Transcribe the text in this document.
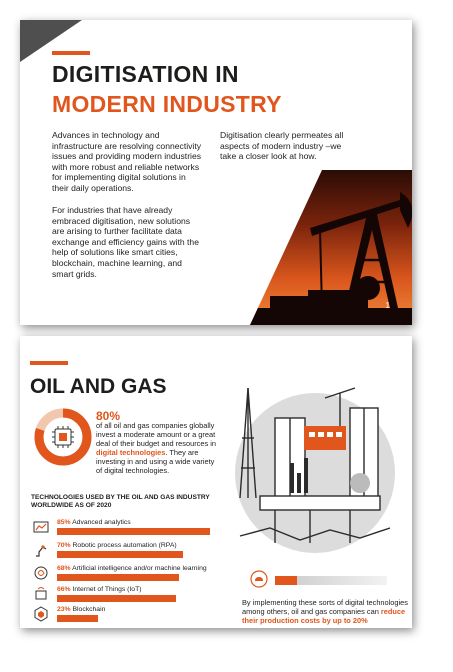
DIGITISATION IN
MODERN INDUSTRY
Advances in technology and infrastructure are resolving connectivity issues and providing modern industries with more robust and reliable networks for implementing digital solutions in their daily operations.
For industries that have already embraced digitisation, new solutions are arising to further facilitate data exchange and efficiency gains with the help of solutions like smart cities, blockchain, machine learning, and smart grids.
Digitisation clearly permeates all aspects of modern industry –we take a closer look at how.
1
OIL AND GAS
80%
of all oil and gas companies globally invest a moderate amount or a great deal of their budget and resources in digital technologies. They are investing in and using a wide variety of digital technologies.
TECHNOLOGIES USED BY THE OIL AND GAS INDUSTRY WORLDWIDE AS OF 2020
85% Advanced analytics
70% Robotic process automation (RPA)
68% Artificial intelligence and/or machine learning
66% Internet of Things (IoT)
23% Blockchain
By implementing these sorts of digital technologies among others, oil and gas companies can reduce their production costs by up to 20%
